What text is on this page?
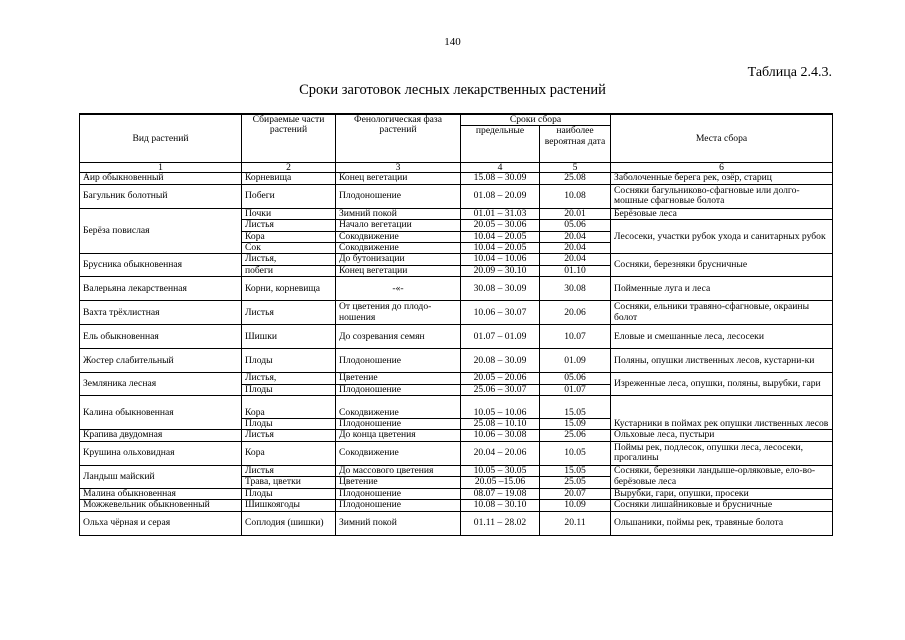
140
Таблица 2.4.3.
Сроки заготовок лесных лекарственных растений
Вид растений	Сбираемые части растений	Фенологическая фаза растений	Сроки сбора		Места сбора
			предельные	наиболее вероятная дата	

1	2	3	4	5	6
Аир обыкновенный	Корневища	Конец вегетации	15.08 – 30.09	25.08	Заболоченные берега рек, озёр, стариц
Багульник болотный	Побеги	Плодоношение	01.08 – 20.09	10.08	Сосняки багульниково-сфагновые или долго-мошные сфагновые болота
Берёза повислая	Почки	Зимний покой	01.01 – 31.03	20.01	Берёзовые леса
	Листья	Начало вегетации	20.05 – 30.06	05.06	Лесосеки, участки рубок ухода и санитарных рубок
	Кора	Сокодвижение	10.04 – 20.05	20.04	
	Сок	Сокодвижение	10.04 – 20.05	20.04	
Брусника обыкновенная	Листья,	До бутонизации	10.04 – 10.06	20.04	Сосняки, березняки брусничные
	побеги	Конец вегетации	20.09 – 30.10	01.10	
Валерьяна лекарственная	Корни, корневища	-«-	30.08 – 30.09	30.08	Пойменные луга и леса
Вахта трёхлистная	Листья	От цветения до плодо-ношения	10.06 – 30.07	20.06	Сосняки, ельники травяно-сфагновые, окраины болот
Ель обыкновенная	Шишки	До созревания семян	01.07 – 01.09	10.07	Еловые и смешанные леса, лесосеки
Жостер слабительный	Плоды	Плодоношение	20.08 – 30.09	01.09	Поляны, опушки лиственных лесов, кустарни-ки
Земляника лесная	Листья,	Цветение	20.05 – 20.06	05.06	Изреженные леса, опушки, поляны, вырубки, гари
	Плоды	Плодоношение	25.06 – 30.07	01.07	
Калина обыкновенная	Кора	Сокодвижение	10.05 – 10.06	15.05	Кустарники в поймах рек опушки лиственных лесов
	Плоды	Плодоношение	25.08 – 10.10	15.09	
Крапива двудомная	Листья	До конца цветения	10.06 – 30.08	25.06	Ольховые леса, пустыри
Крушина ольховидная	Кора	Сокодвижение	20.04 – 20.06	10.05	Поймы рек, подлесок, опушки леса, лесосеки, прогалины
Ландыш майский	Листья	До массового цветения	10.05 – 30.05	15.05	Сосняки, березняки ландыше-орляковые, ело-во-берёзовые леса
	Трава, цветки	Цветение	20.05 –15.06	25.05	
Малина обыкновенная	Плоды	Плодоношение	08.07 – 19.08	20.07	Вырубки, гари, опушки, просеки
Можжевельник обыкновенный	Шишкоягоды	Плодоношение	10.08 – 30.10	10.09	Сосняки лишайниковые и брусничные
Ольха чёрная и серая	Соплодия (шишки)	Зимний покой	01.11 – 28.02	20.11	Ольшаники, поймы рек, травяные болота
